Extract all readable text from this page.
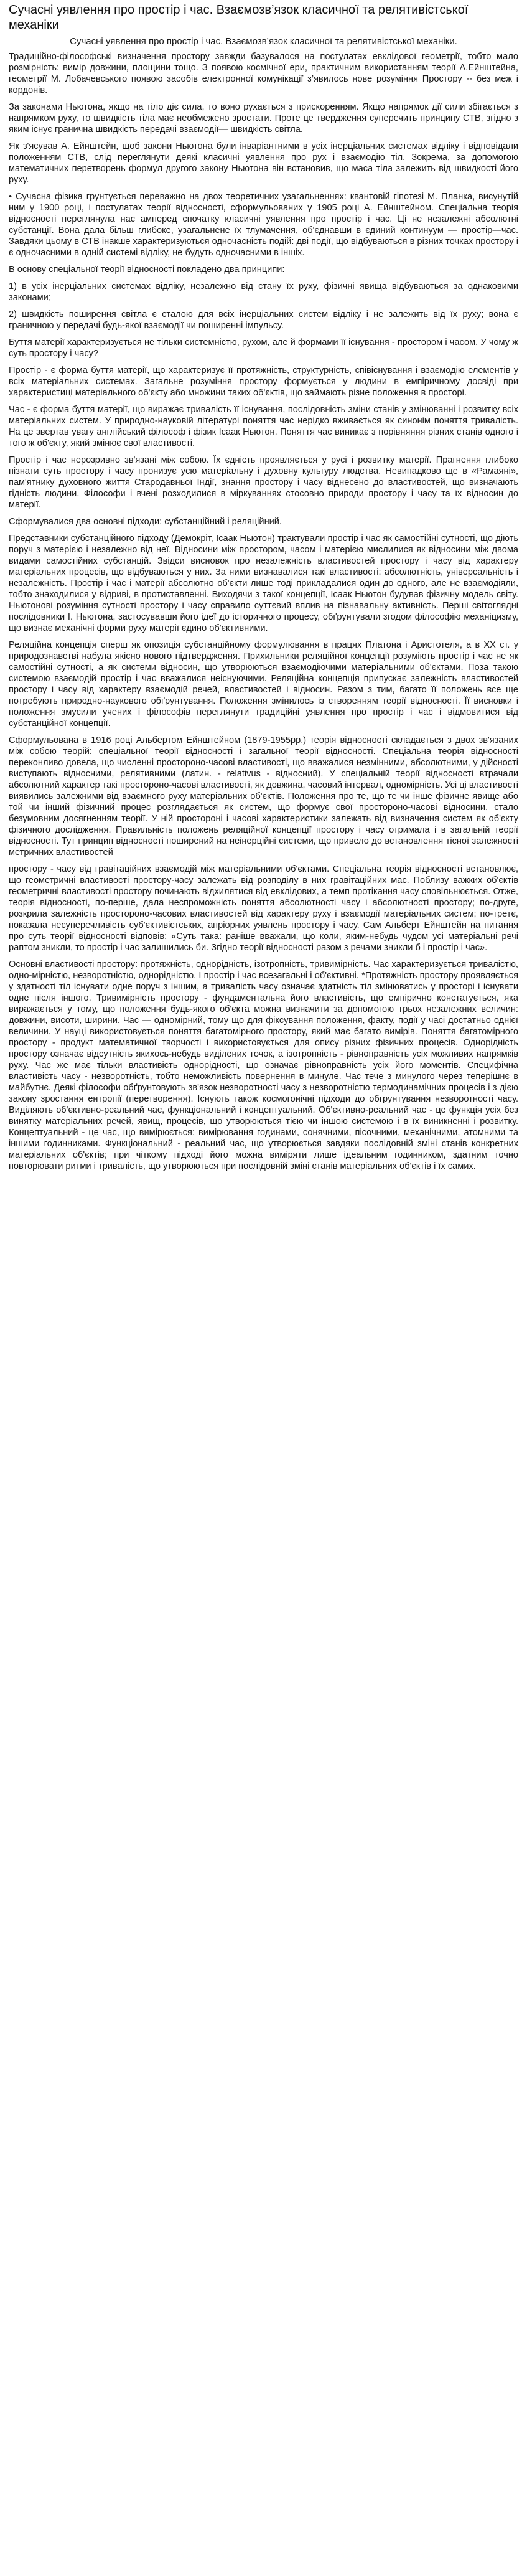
Сучасні уявлення про простір і час. Взаємозв’язок класичної та релятивістської механіки
Сучасні уявлення про простір і час. Взаємозв’язок класичної та релятивістської механіки.

Традиційно-філософські визначення простору завжди базувалося на постулатах евклідової геометрії, тобто мало розмірність: вимір довжини, площини тощо. З появою космічної ери, практичним використанням теорії А.Ейнштейна, геометрії М. Лобачевського появою засобів електронної комунікації з’явилось нове розуміння Простору -- без меж і кордонів.

За законами Ньютона, якщо на тіло діє сила, то воно рухається з прискоренням. Якщо напрямок дії сили збігається з напрямком руху, то швидкість тіла має необмежено зростати. Проте це твердження суперечить принципу СТВ, згідно з яким існує гранична швидкість передачі взаємодії— швидкість світла.

Як з'ясував А. Ейнштейн, щоб закони Ньютона були інваріантними в усіх інерціальних системах відліку і відповідали положенням СТВ, слід переглянути деякі класичні уявлення про рух і взаємодію тіл. Зокрема, за допомогою математичних перетворень формул другого закону Ньютона він встановив, що маса тіла залежить від швидкості його руху.

• Сучасна фізика грунтується переважно на двох теоретичних узагальненнях: квантовій гіпотезі М. Планка, висунутій ним у 1900 році, і постулатах теорії відносності, сформульованих у 1905 році А. Ейнштейном. Спеціальна теорія відносності переглянула нас амперед спочатку класичні уявлення про простір і час. Ці не незалежні абсолютні субстанції. Вона дала більш глибоке, узагальнене їх тлумачення, об'єднавши в єдиний континуум — простір—час. Завдяки цьому в СТВ інакше характеризуються одночасність подій: дві події, що відбуваються в різних точках простору і є одночасними в одній системі відліку, не будуть одночасними в іншіх.

В основу спеціальної теорії відносності покладено два принципи:

1) в усіх інерціальних системах відліку, незалежно від стану їх руху, фізичні явища відбуваються за однаковими законами;

2) швидкість поширення світла є сталою для всіх інерціальних систем відліку і не залежить від їх руху; вона є граничною у передачі будь-якої взаємодії чи поширенні імпульсу.

Буття матерії характеризується не тільки системністю, рухом, але й формами її існування - простором і часом. У чому ж суть простору і часу?

Простір - є форма буття матерії, що характеризує її протяжність, структурність, співіснування і взаємодію елементів у всіх матеріальних системах. Загальне розуміння простору формується у людини в емпіричному досвіді при характеристиці матеріального об'єкту або множини таких об'єктів, що займають різне положення в просторі.

Час - є форма буття матерії, що виражає тривалість її існування, послідовність зміни станів у змінюванні і розвитку всіх матеріальних систем. У природно-науковій літературі поняття час нерідко вживається як синонім поняття тривалість. На це звертав увагу англійський філософ і фізик Ісаак Ньютон. Поняття час виникає з порівняння різних станів одного і того ж об'єкту, який змінює свої властивості.

Простір і час нерозривно зв'язані між собою. Їх єдність проявляється у русі і розвитку матерії. Прагнення глибоко пізнати суть простору і часу пронизує усю матеріальну і духовну культуру людства. Невипадково ще в «Рамаяні», пам'ятнику духовного життя Стародавньої Індії, знання простору і часу віднесено до властивостей, що визначають гідність людини. Філософи і вчені розходилися в міркуваннях стосовно природи простору і часу та їх відносин до матерії.

Сформувалися два основні підходи: субстанційний і реляційний.

Представники субстанційного підходу (Демокріт, Ісаак Ньютон) трактували простір і час як самостійні сутності, що діють поруч з матерією і незалежно від неї. Відносини між простором, часом і матерією мислилися як відносини між двома видами самостійних субстанцій. Звідси висновок про незалежність властивостей простору і часу від характеру матеріальних процесів, що відбуваються у них. За ними визнавалися такі властивості: абсолютність, універсальність і незалежність. Простір і час і матерії абсолютно об'єкти лише тоді прикладалися один до одного, але не взаємодіяли, тобто знаходилися у відриві, в протиставленні. Виходячи з такої концепції, Ісаак Ньютон будував фізичну модель світу. Ньютонові розуміння сутності простору і часу справило суттєвий вплив на пізнавальну активність. Перші світоглядні послідовники І. Ньютона, застосувавши його ідеї до історичного процесу, обґрунтували згодом філософію механіцизму, що визнає механічні форми руху матерії єдино об'єктивними.

Реляційна концепція сперш як опозиція субстанційному формулювання в працях Платона і Аристотеля, а в XX ст. у природознавстві набула якісно нового підтвердження. Прихильники реляційної концепції розуміють простір і час не як самостійні сутності, а як системи відносин, що утворюються взаємодіючими матеріальними об'єктами. Поза такою системою взаємодій простір і час вважалися неіснуючими. Реляційна концепція припускає залежність властивостей простору і часу від характеру взаємодій речей, властивостей і відносин. Разом з тим, багато її положень все ще потребують природно-наукового обґрунтування. Положення змінилось із створенням теорії відносності. Її висновки і положення змусили учених і філософів переглянути традиційні уявлення про простір і час і відмовитися від субстанційної концепції.

Сформульована в 1916 році Альбертом Ейнштейном (1879-1955рр.) теорія відносності складається з двох зв'язаних між собою теорій: спеціальної теорії відносності і загальної теорії відносності. Спеціальна теорія відносності переконливо довела, що численні простороно-часові властивості, що вважалися незмінними, абсолютними, у дійсності виступають відносними, релятивними (латин. - relativus - відносний). У спеціальній теорії відносності втрачали абсолютний характер такі простороно-часові властивості, як довжина, часовий інтервал, одномірність. Усі ці властивості виявились залежними від взаємного руху матеріальних об'єктів. Положення про те, що те чи інше фізичне явище або той чи інший фізичний процес розглядається як систем, що формує свої простороно-часові відносини, стало безумовним досягненням теорії. У ній простороні і часові характеристики залежать від визначення систем як об'єкту фізичного дослідження. Правильність положень реляційної концепції простору і часу отримала і в загальній теорії відносності. Тут принцип відносності поширений на неінерційні системи, що привело до встановлення тісної залежності метричних властивостей

простору - часу від гравітаційних взаємодій між матеріальними об'єктами. Спеціальна теорія відносності встановлює, що геометричні властивості простору-часу залежать від розподілу в них гравітаційних мас. Поблизу важких об'єктів геометричні властивості простору починають відхилятися від евклідових, а темп протікання часу сповільнюється. Отже, теорія відносності, по-перше, дала неспроможність поняття абсолютності часу і абсолютності простору; по-друге, розкрила залежність простороно-часових властивостей від характеру руху і взаємодії матеріальних систем; по-третє, показала несуперечливість суб'єктивістських, апріорних уявлень простору і часу. Сам Альберт Ейнштейн на питання про суть теорії відносності відповів: «Суть така: раніше вважали, що коли, яким-небудь чудом усі матеріальні речі раптом зникли, то простір і час залишились би. Згідно теорії відносності разом з речами зникли б і простір і час».

Основні властивості простору: протяжність, однорідність, ізотропність, тривимірність. Час характеризується тривалістю, одно-мірністю, незворотністю, однорідністю. І простір і час всезагальні і об'єктивні. *Протяжність простору проявляється у здатності тіл існувати одне поруч з іншим, а тривалість часу означає здатність тіл змінюватись у просторі і існувати одне після іншого. Тривимірність простору - фундаментальна його властивість, що емпірично констатується, яка виражається у тому, що положення будь-якого об'єкта можна визначити за допомогою трьох незалежних величин: довжини, висоти, ширини. Час — одномірний, тому що для фіксування положення, факту, події у часі достатньо однієї величини. У науці використовується поняття багатомірного простору, який має багато вимірів. Поняття багатомірного простору - продукт математичної творчості і використовується для опису різних фізичних процесів. Однорідність простору означає відсутність якихось-небудь виділених точок, а ізотропність - рівноправність усіх можливих напрямків руху. Час же має тільки властивість однорідності, що означає рівноправність усіх його моментів. Специфічна властивість часу - незворотність, тобто неможливість повернення в минуле. Час тече з минулого через теперішнє в майбутнє. Деякі філософи обґрунтовують зв'язок незворотності часу з незворотністю термодинамічних процесів і з дією закону зростання ентропії (перетворення). Існують також космогонічні підходи до обгрунтування незворотності часу. Виділяють об'єктивно-реальний час, функціональний і концептуальний. Об'єктивно-реальний час - це функція усіх без винятку матеріальних речей, явищ, процесів, що утворюються тією чи іншою системою і в їх виникненні і розвитку. Концептуальний - це час, що вимірюється: вимірювання годинами, сонячними, пісочними, механічними, атомними та іншими годинниками. Функціональний - реальний час, що утворюється завдяки послідовній зміні станів конкретних матеріальних об'єктів; при чіткому підході його можна виміряти лише ідеальним годинником, здатним точно повторювати ритми і тривалість, що утворюються при послідовній зміні станів матеріальних об'єктів і їх самих.
